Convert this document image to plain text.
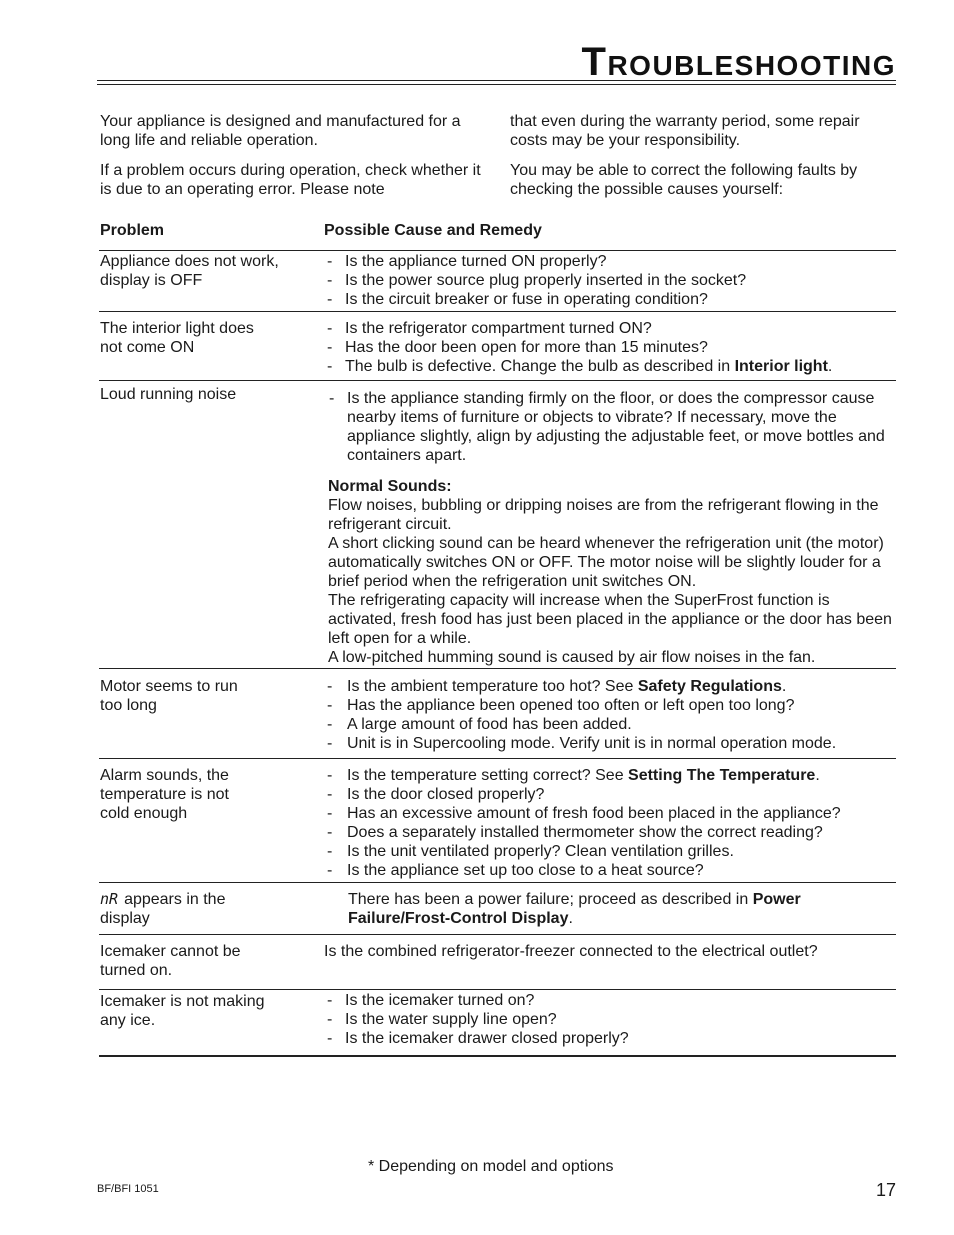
TROUBLESHOOTING

Your appliance is designed and manufactured for a long life and reliable operation.

If a problem occurs during operation, check whether it is due to an operating error. Please note

that even during the warranty period, some repair costs may be your responsibility.

You may be able to correct the following faults by checking the possible causes yourself:

Problem	Possible Cause and Remedy
Appliance does not work, display is OFF
- Is the appliance turned ON properly?
- Is the power source plug properly inserted in the socket?
- Is the circuit breaker or fuse in operating condition?
The interior light does not come ON
- Is the refrigerator compartment turned ON?
- Has the door been open for more than 15 minutes?
- The bulb is defective. Change the bulb as described in Interior light.
Loud running noise
-	Is the appliance standing firmly on the floor, or does the compressor cause nearby items of furniture or objects to vibrate? If necessary, move the appliance slightly, align by adjusting the adjustable feet, or move bottles and containers apart.
Normal Sounds:

Flow noises, bubbling or dripping noises are from the refrigerant flowing in the refrigerant circuit.

A short clicking sound can be heard whenever the refrigeration unit (the motor) automatically switches ON or OFF. The motor noise will be slightly louder for a brief period when the refrigeration unit switches ON.

The refrigerating capacity will increase when the SuperFrost function is activated, fresh food has just been placed in the appliance or the door has been left open for a while.

A low-pitched humming sound is caused by air flow noises in the fan.

Motor seems to run too long
- Is the ambient temperature too hot? See Safety Regulations.
- Has the appliance been opened too often or left open too long?
- A large amount of food has been added.
- Unit is in Supercooling mode. Verify unit is in normal operation mode.
Alarm sounds, the temperature is not cold enough
- Is the temperature setting correct? See Setting The Temperature.
- Is the door closed properly?
- Has an excessive amount of fresh food been placed in the appliance?
- Does a separately installed thermometer show the correct reading?
- Is the unit ventilated properly? Clean ventilation grilles.
- Is the appliance set up too close to a heat source?
nR appears in the display
There has been a power failure; proceed as described in Power Failure/Frost-Control Display.
Icemaker cannot be turned on.
Is the combined refrigerator-freezer connected to the electrical outlet?
Icemaker is not making any ice.
- Is the icemaker turned on?
- Is the water supply line open?
- Is the icemaker drawer closed properly?
* Depending on model and options
BF/BFI 1051	17
